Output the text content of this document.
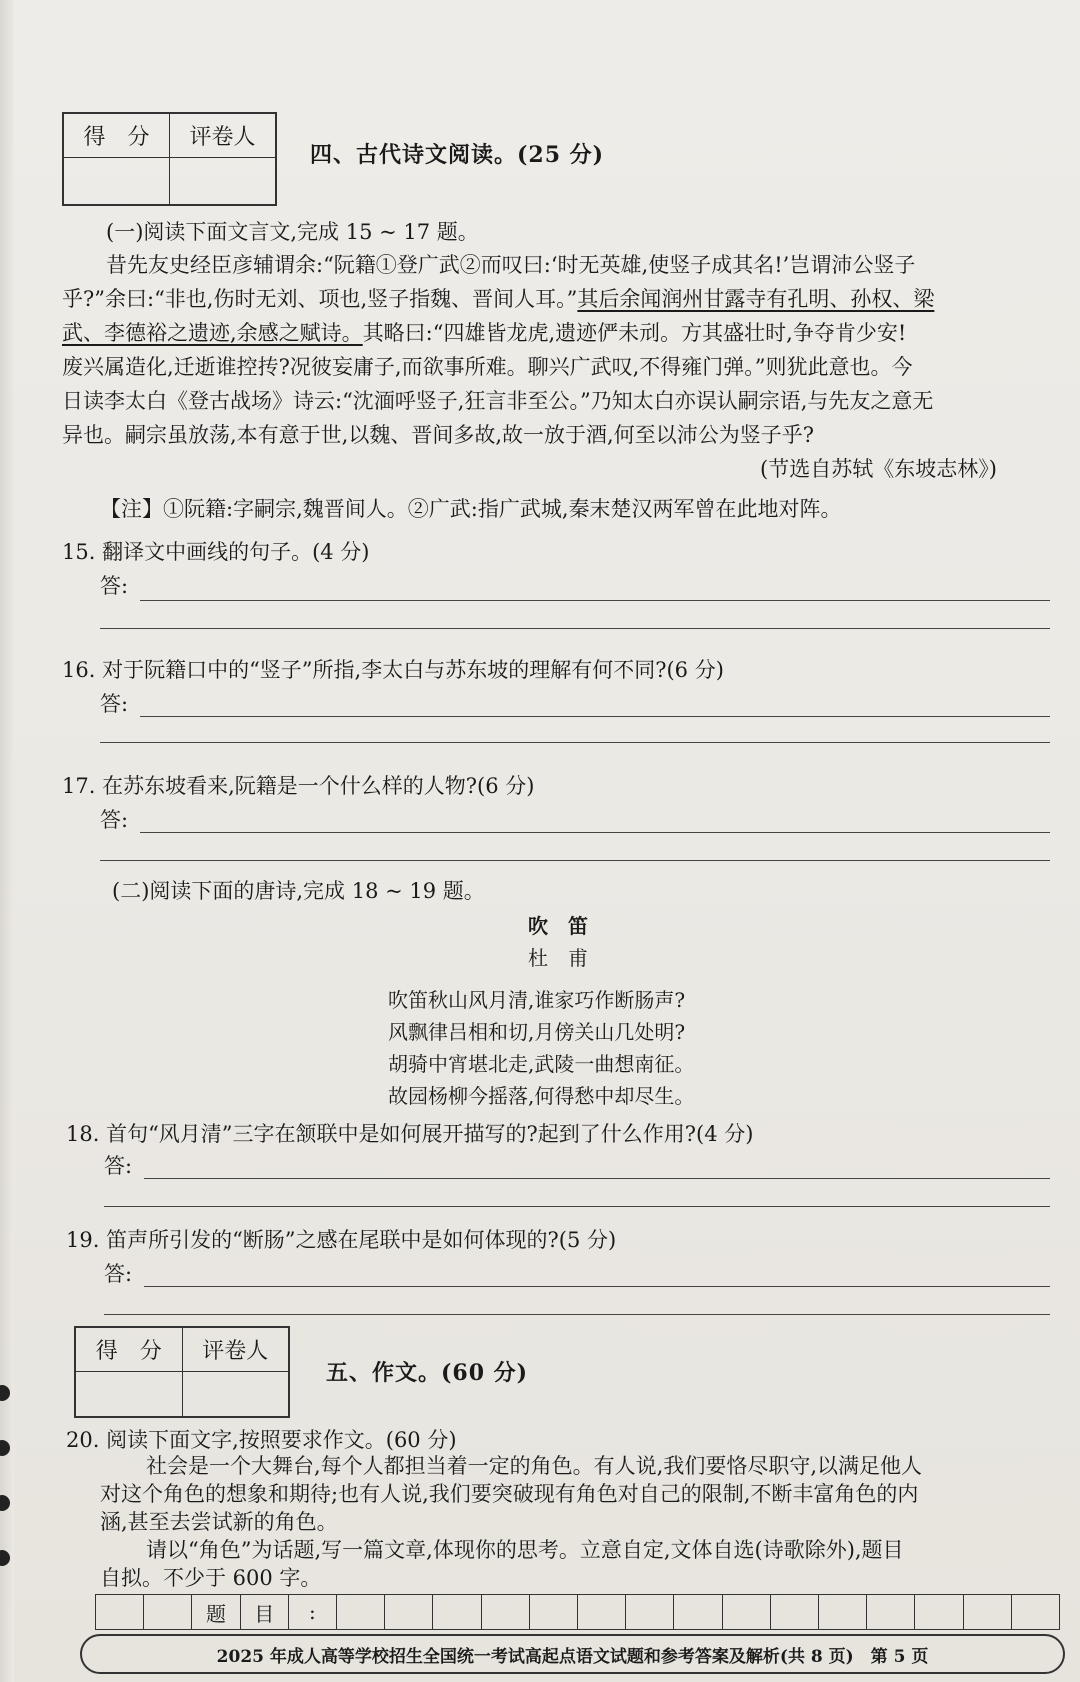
得　分	评卷人

四、古代诗文阅读。(25 分)
(一)阅读下面文言文,完成 15 ~ 17 题。
昔先友史经臣彦辅谓余:“阮籍①登广武②而叹曰:‘时无英雄,使竖子成其名!’岂谓沛公竖子
乎?”余曰:“非也,伤时无刘、项也,竖子指魏、晋间人耳。”其后余闻润州甘露寺有孔明、孙权、梁
武、李德裕之遗迹,余感之赋诗。其略曰:“四雄皆龙虎,遗迹俨未刓。方其盛壮时,争夺肯少安!
废兴属造化,迁逝谁控抟?况彼妄庸子,而欲事所难。聊兴广武叹,不得雍门弹。”则犹此意也。今
日读李太白《登古战场》诗云:“沈湎呼竖子,狂言非至公。”乃知太白亦误认嗣宗语,与先友之意无
异也。嗣宗虽放荡,本有意于世,以魏、晋间多故,故一放于酒,何至以沛公为竖子乎?
(节选自苏轼《东坡志林》)
【注】①阮籍:字嗣宗,魏晋间人。②广武:指广武城,秦末楚汉两军曾在此地对阵。
15. 翻译文中画线的句子。(4 分)
答:
16. 对于阮籍口中的“竖子”所指,李太白与苏东坡的理解有何不同?(6 分)
答:
17. 在苏东坡看来,阮籍是一个什么样的人物?(6 分)
答:
(二)阅读下面的唐诗,完成 18 ~ 19 题。
吹　笛
杜　甫
吹笛秋山风月清,谁家巧作断肠声?
风飘律吕相和切,月傍关山几处明?
胡骑中宵堪北走,武陵一曲想南征。
故园杨柳今摇落,何得愁中却尽生。
18. 首句“风月清”三字在颔联中是如何展开描写的?起到了什么作用?(4 分)
答:
19. 笛声所引发的“断肠”之感在尾联中是如何体现的?(5 分)
答:
得　分	评卷人

五、作文。(60 分)
20. 阅读下面文字,按照要求作文。(60 分)
社会是一个大舞台,每个人都担当着一定的角色。有人说,我们要恪尽职守,以满足他人
对这个角色的想象和期待;也有人说,我们要突破现有角色对自己的限制,不断丰富角色的内
涵,甚至去尝试新的角色。
2025 年成人高等学校招生全国统一考试高起点语文试题和参考答案及解析(共 8 页)　第 5 页
请以“角色”为话题,写一篇文章,体现你的思考。立意自定,文体自选(诗歌除外),题目
自拟。不少于 600 字。
题	目	:
